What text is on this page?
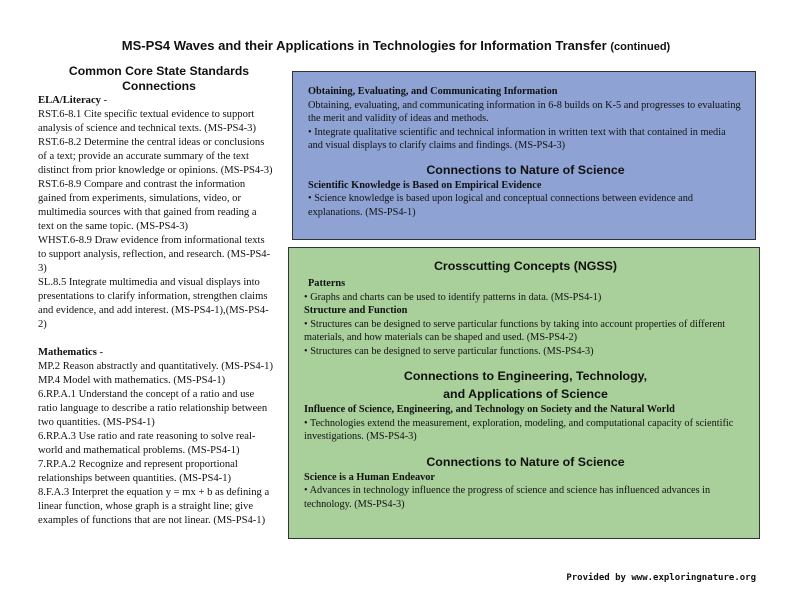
MS-PS4 Waves and their Applications in Technologies for Information Transfer (continued)
Common Core State Standards
Connections
ELA/Literacy -
RST.6-8.1 Cite specific textual evidence to support analysis of science and technical texts. (MS-PS4-3)
RST.6-8.2 Determine the central ideas or conclusions of a text; provide an accurate summary of the text distinct from prior knowledge or opinions. (MS-PS4-3)
RST.6-8.9 Compare and contrast the information gained from experiments, simulations, video, or multimedia sources with that gained from reading a text on the same topic. (MS-PS4-3)
WHST.6-8.9 Draw evidence from informational texts to support analysis, reflection, and research. (MS-PS4-3)
SL.8.5 Integrate multimedia and visual displays into presentations to clarify information, strengthen claims and evidence, and add interest. (MS-PS4-1),(MS-PS4-2)
Mathematics -
MP.2 Reason abstractly and quantitatively. (MS-PS4-1)
MP.4 Model with mathematics. (MS-PS4-1)
6.RP.A.1 Understand the concept of a ratio and use ratio language to describe a ratio relationship between two quantities. (MS-PS4-1)
6.RP.A.3 Use ratio and rate reasoning to solve real-world and mathematical problems. (MS-PS4-1)
7.RP.A.2 Recognize and represent proportional relationships between quantities. (MS-PS4-1)
8.F.A.3 Interpret the equation y = mx + b as defining a linear function, whose graph is a straight line; give examples of functions that are not linear. (MS-PS4-1)
Obtaining, Evaluating, and Communicating Information
Obtaining, evaluating, and communicating information in 6-8 builds on K-5 and progresses to evaluating the merit and validity of ideas and methods.
• Integrate qualitative scientific and technical information in written text with that contained in media and visual displays to clarify claims and findings. (MS-PS4-3)
Connections to Nature of Science
Scientific Knowledge is Based on Empirical Evidence
• Science knowledge is based upon logical and conceptual connections between evidence and explanations. (MS-PS4-1)
Crosscutting Concepts (NGSS)
Patterns
• Graphs and charts can be used to identify patterns in data. (MS-PS4-1)
Structure and Function
• Structures can be designed to serve particular functions by taking into account properties of different materials, and how materials can be shaped and used. (MS-PS4-2)
• Structures can be designed to serve particular functions. (MS-PS4-3)
Connections to Engineering, Technology,
and Applications of Science
Influence of Science, Engineering, and Technology on Society and the Natural World
• Technologies extend the measurement, exploration, modeling, and computational capacity of scientific investigations. (MS-PS4-3)
Connections to Nature of Science
Science is a Human Endeavor
• Advances in technology influence the progress of science and science has influenced advances in technology. (MS-PS4-3)
Provided by www.exploringnature.org
